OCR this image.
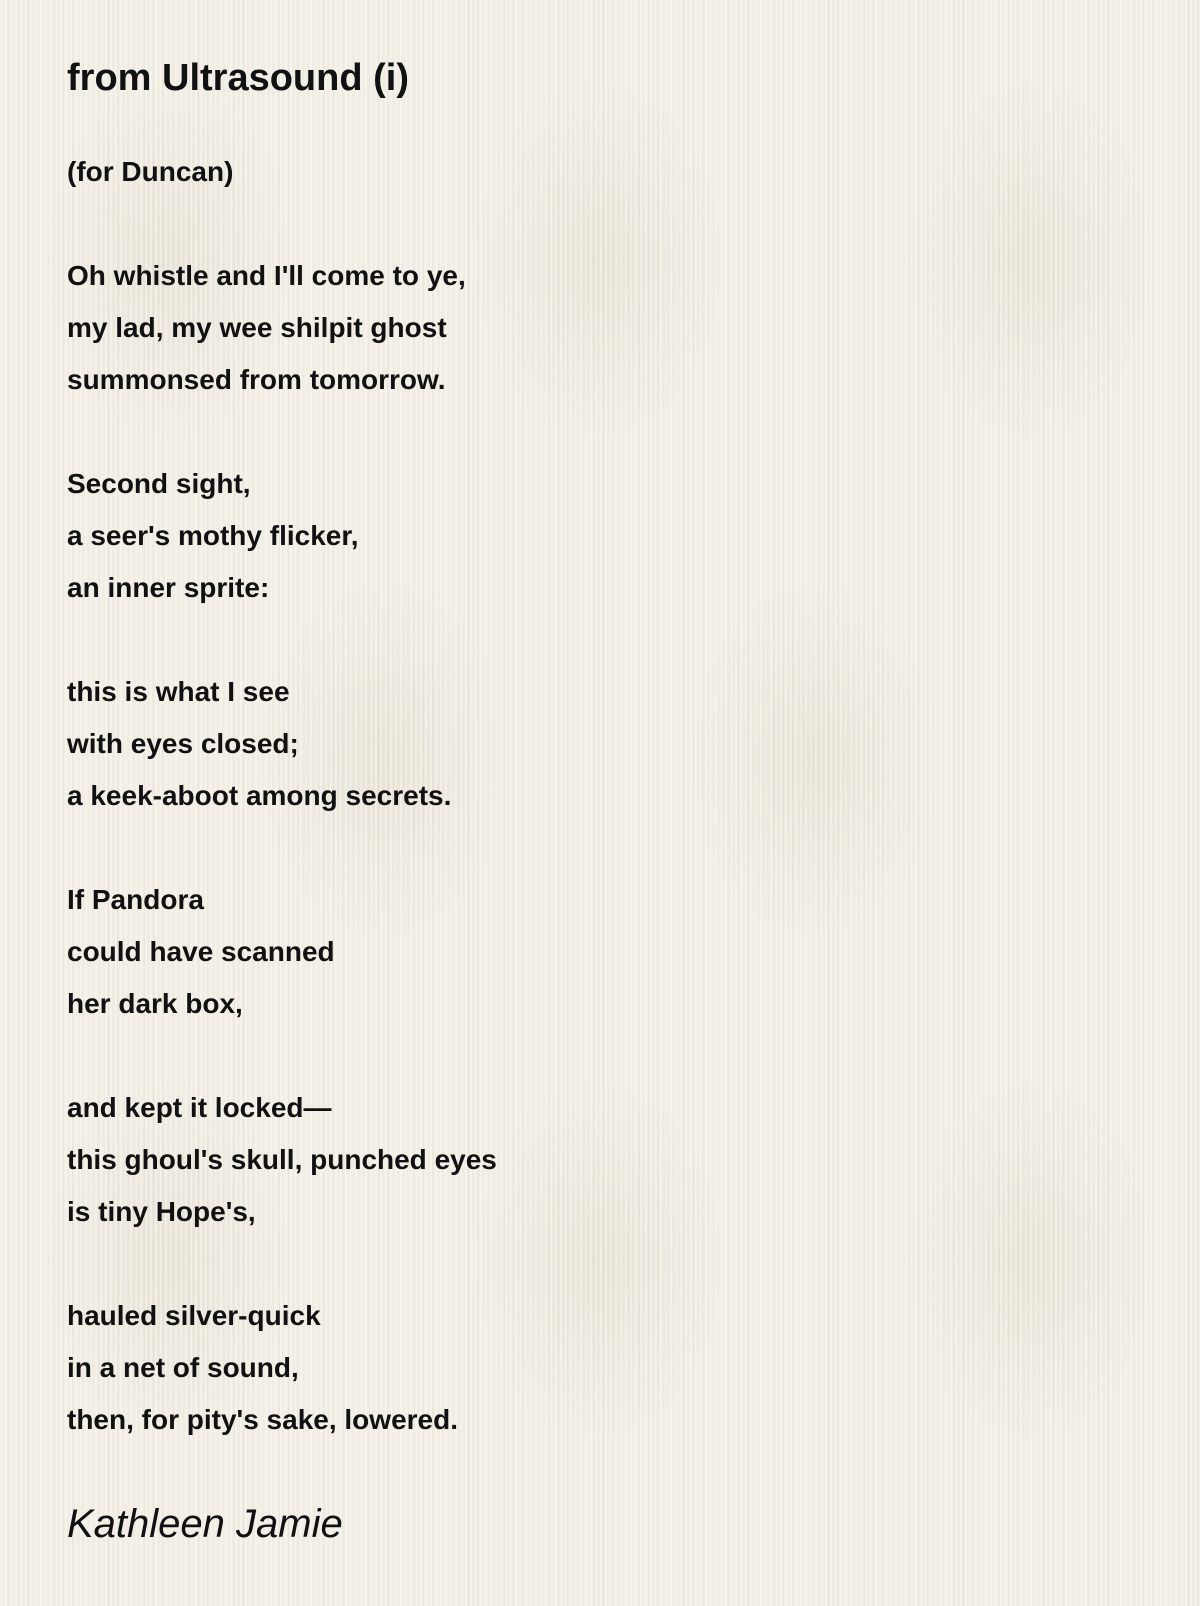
from Ultrasound (i)
(for Duncan)
Oh whistle and I'll come to ye,
my lad, my wee shilpit ghost
summonsed from tomorrow.
Second sight,
a seer's mothy flicker,
an inner sprite:
this is what I see
with eyes closed;
a keek-aboot among secrets.
If Pandora
could have scanned
her dark box,
and kept it locked—
this ghoul's skull, punched eyes
is tiny Hope's,
hauled silver-quick
in a net of sound,
then, for pity's sake, lowered.
Kathleen Jamie
